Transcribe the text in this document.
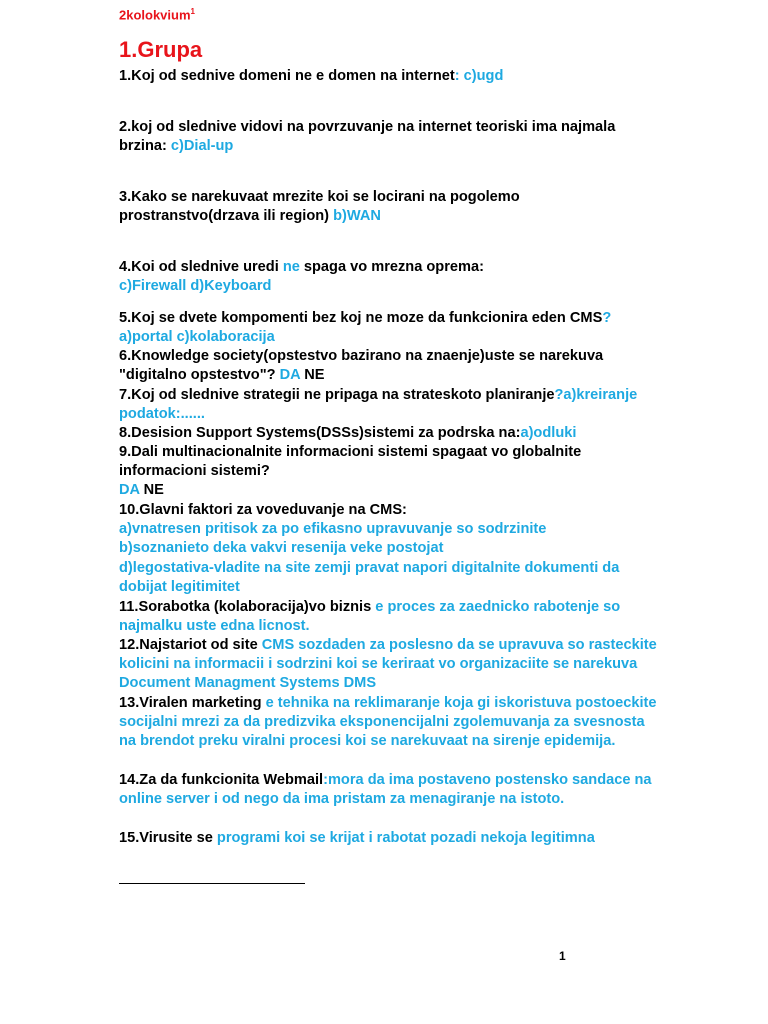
2kolokvium$^1$
1.Grupa

1.Koj od sednive domeni ne e domen na internet: c)ugd

2.koj od slednive vidovi na povrzuvanje na internet teoriski ima najmala brzina: c)Dial-up

3.Kako se narekuvaat mrezite koi se locirani na pogolemo prostranstvo(drzava ili region) b)WAN

4.Koi od slednive uredi ne spaga vo mrezna oprema:
c)Firewall d)Keyboard

5.Koj se dvete kompomenti bez koj ne moze da funkcionira eden CMS?a)portal c)kolaboracija

6.Knowledge society(opstestvo bazirano na znaenje)uste se narekuva "digitalno opstestvo"? DA NE

7.Koj od slednive strategii ne pripaga na strateskoto planiranje?a)kreiranje podatok:......

8.Desision Support Systems(DSSs)sistemi za podrska na:a)odluki

9.Dali multinacionalnite informacioni sistemi spagaat vo globalnite informacioni sistemi?
DA NE

10.Glavni faktori za voveduvanje na CMS:
a)vnatresen pritisok za po efikasno upravuvanje so sodrzinite
b)soznanieto deka vakvi resenija veke postojat
d)legostativa-vladite na site zemji pravat napori digitalnite dokumenti da dobijat legitimitet

11.Sorabotka (kolaboracija)vo biznis e proces za zaednicko rabotenje so najmalku uste edna licnost.

12.Najstariot od site CMS sozdaden za poslesno da se upravuva so rasteckite kolicini na informacii i sodrzini koi se keriraat vo organizaciite se narekuva Document Managment Systems DMS

13.Viralen marketing e tehnika na reklimaranje koja gi iskoristuva postoeckite socijalni mrezi za da predizvika eksponencijalni zgolemuvanja za svesnosta na brendot preku viralni procesi koi se narekuvaat na sirenje epidemija.

14.Za da funkcionita Webmail:mora da ima postaveno postensko sandace na online server i od nego da ima pristam za menagiranje na istoto.

15.Virusite se programi koi se krijat i rabotat pozadi nekoja legitimna

1
